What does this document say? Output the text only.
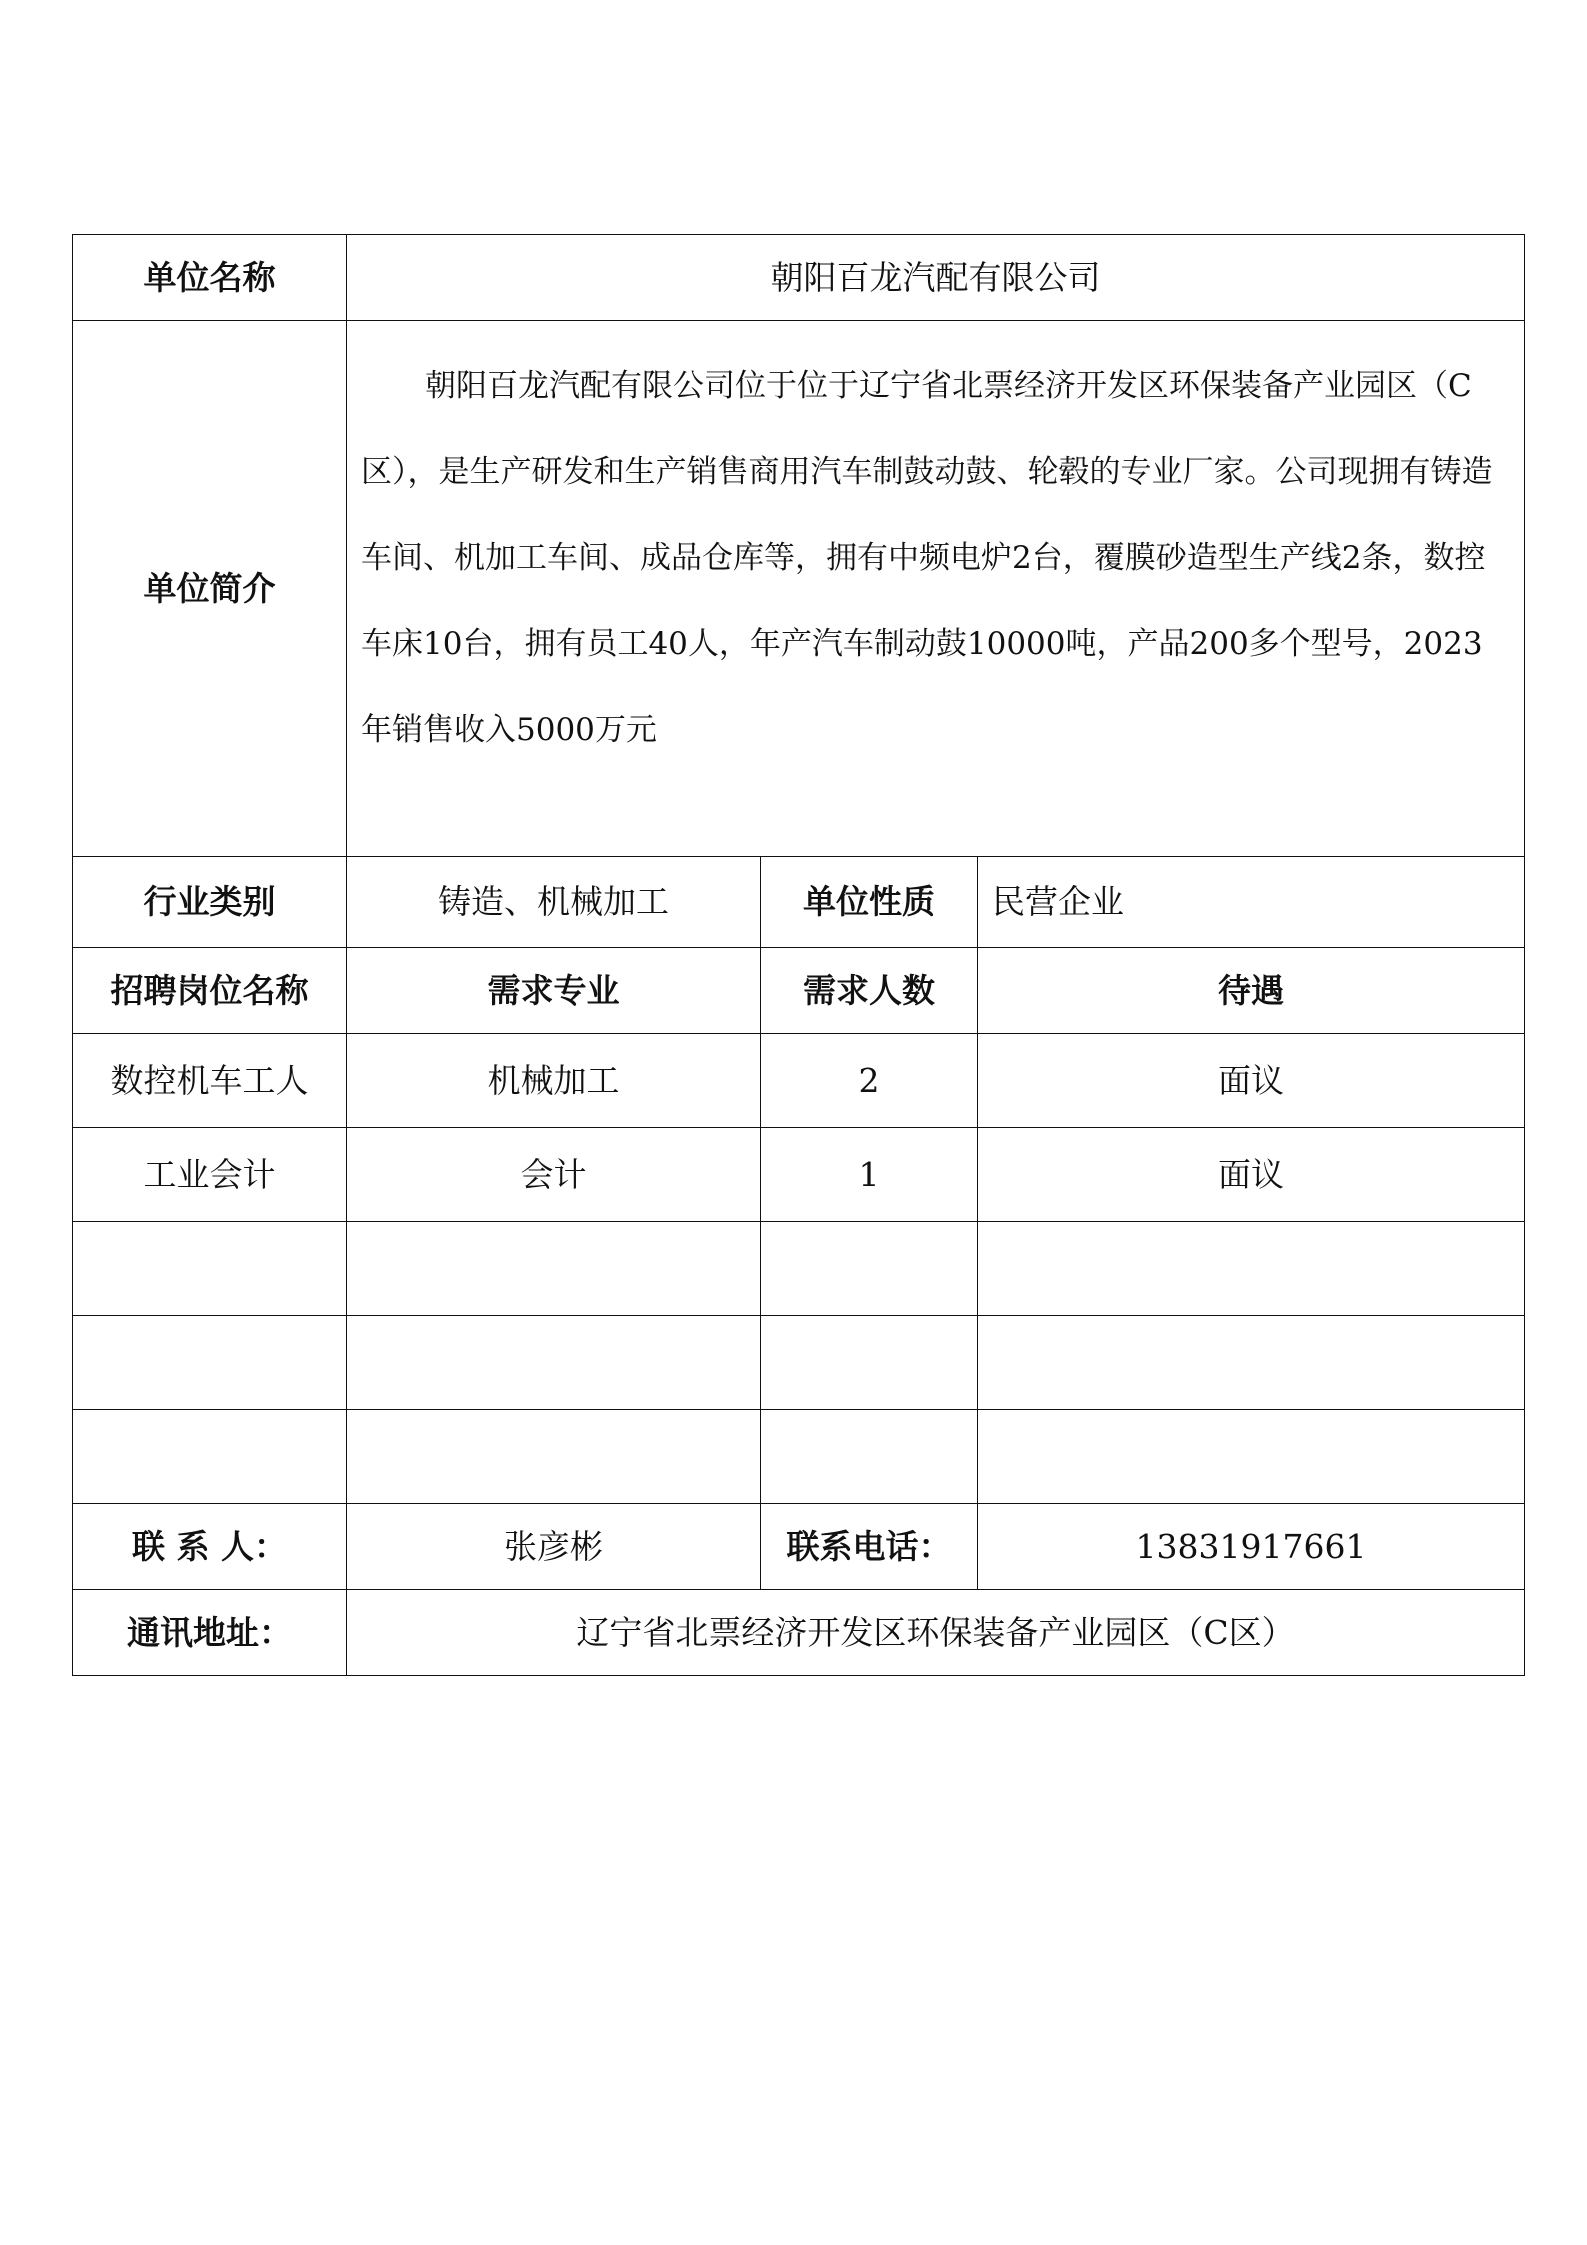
单位名称	朝阳百龙汽配有限公司		
单位简介	朝阳百龙汽配有限公司位于位于辽宁省北票经济开发区环保装备产业园区（C区），是生产研发和生产销售商用汽车制鼓动鼓、轮毂的专业厂家。公司现拥有铸造车间、机加工车间、成品仓库等，拥有中频电炉2台，覆膜砂造型生产线2条，数控车床10台，拥有员工40人，年产汽车制动鼓10000吨，产品200多个型号，2023年销售收入5000万元		

行业类别	铸造、机械加工	单位性质	民营企业
招聘岗位名称	需求专业	需求人数	待遇
数控机车工人	机械加工	2	面议
工业会计	会计	1	面议

联 系 人：	张彦彬	联系电话：	13831917661
通讯地址：	辽宁省北票经济开发区环保装备产业园区（C区）		
